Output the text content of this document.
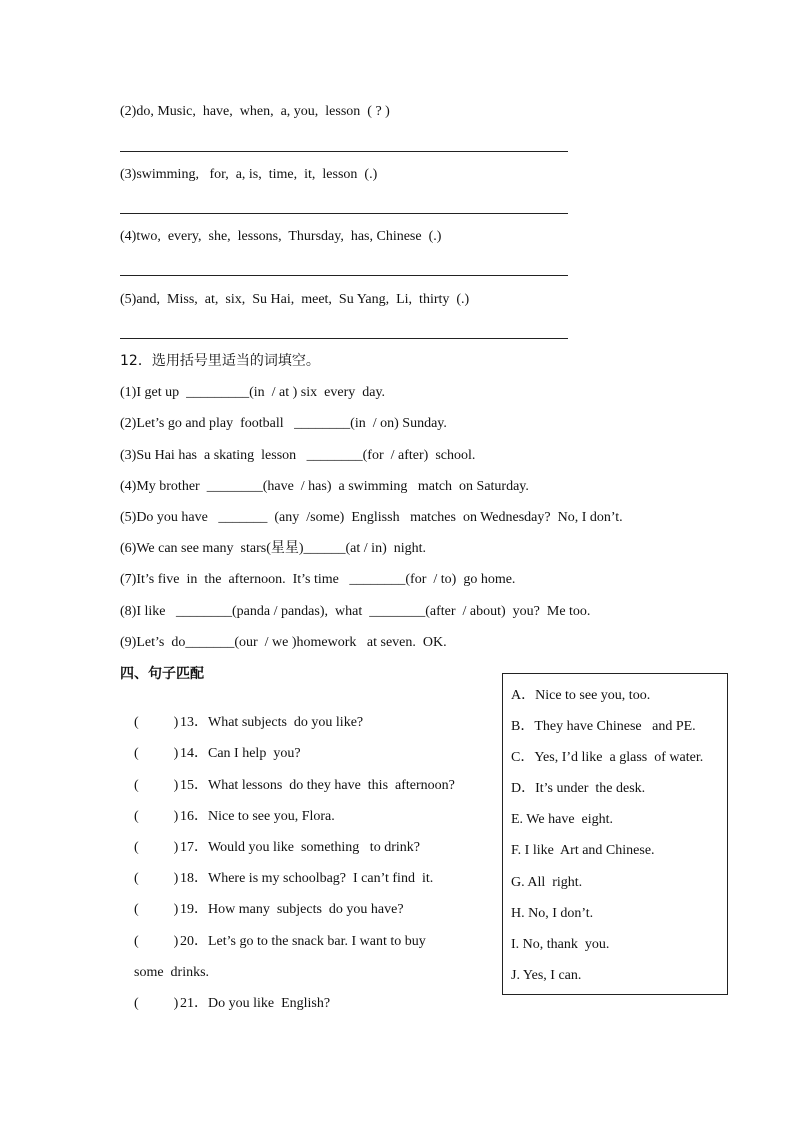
(2)do, Music,  have,  when,  a, you,  lesson  ( ? )
(3)swimming,   for,  a, is,  time,  it,  lesson  (.)
(4)two,  every,  she,  lessons,  Thursday,  has, Chinese  (.)
(5)and,  Miss,  at,  six,  Su Hai,  meet,  Su Yang,  Li,  thirty  (.)
12．选用括号里适当的词填空。
(1)I get up  _________(in  / at ) six  every  day.
(2)Let’s go and play  football   ________(in  / on) Sunday.
(3)Su Hai has  a skating  lesson   ________(for  / after)  school.
(4)My brother  ________(have  / has)  a swimming   match  on Saturday.
(5)Do you have   _______  (any  /some)  Englissh   matches  on Wednesday?  No, I don’t.
(6)We can see many  stars(星星)______(at / in)  night.
(7)It’s five  in  the  afternoon.  It’s time   ________(for  / to)  go home.
(8)I like   ________(panda / pandas),  what  ________(after  / about)  you?  Me too.
(9)Let’s  do_______(our  / we )homework   at seven.  OK.
四、句子匹配

(          ) 13．What subjects  do you like?

(          ) 14．Can I help  you?

(          ) 15．What lessons  do they have  this  afternoon?

(          ) 16．Nice to see you, Flora.

(          ) 17．Would you like  something   to drink?

(          ) 18．Where is my schoolbag?  I can’t find  it.

(          ) 19．How many  subjects  do you have?

(          ) 20．Let’s go to the snack bar. I want to buy

some  drinks.

(          ) 21．Do you like  English?

A．Nice to see you, too.
B．They have Chinese   and PE.
C．Yes, I’d like  a glass  of water.
D．It’s under  the desk.
E. We have  eight.
F. I like  Art and Chinese.
G. All  right.
H. No, I don’t.
I. No, thank  you.
J. Yes, I can.
